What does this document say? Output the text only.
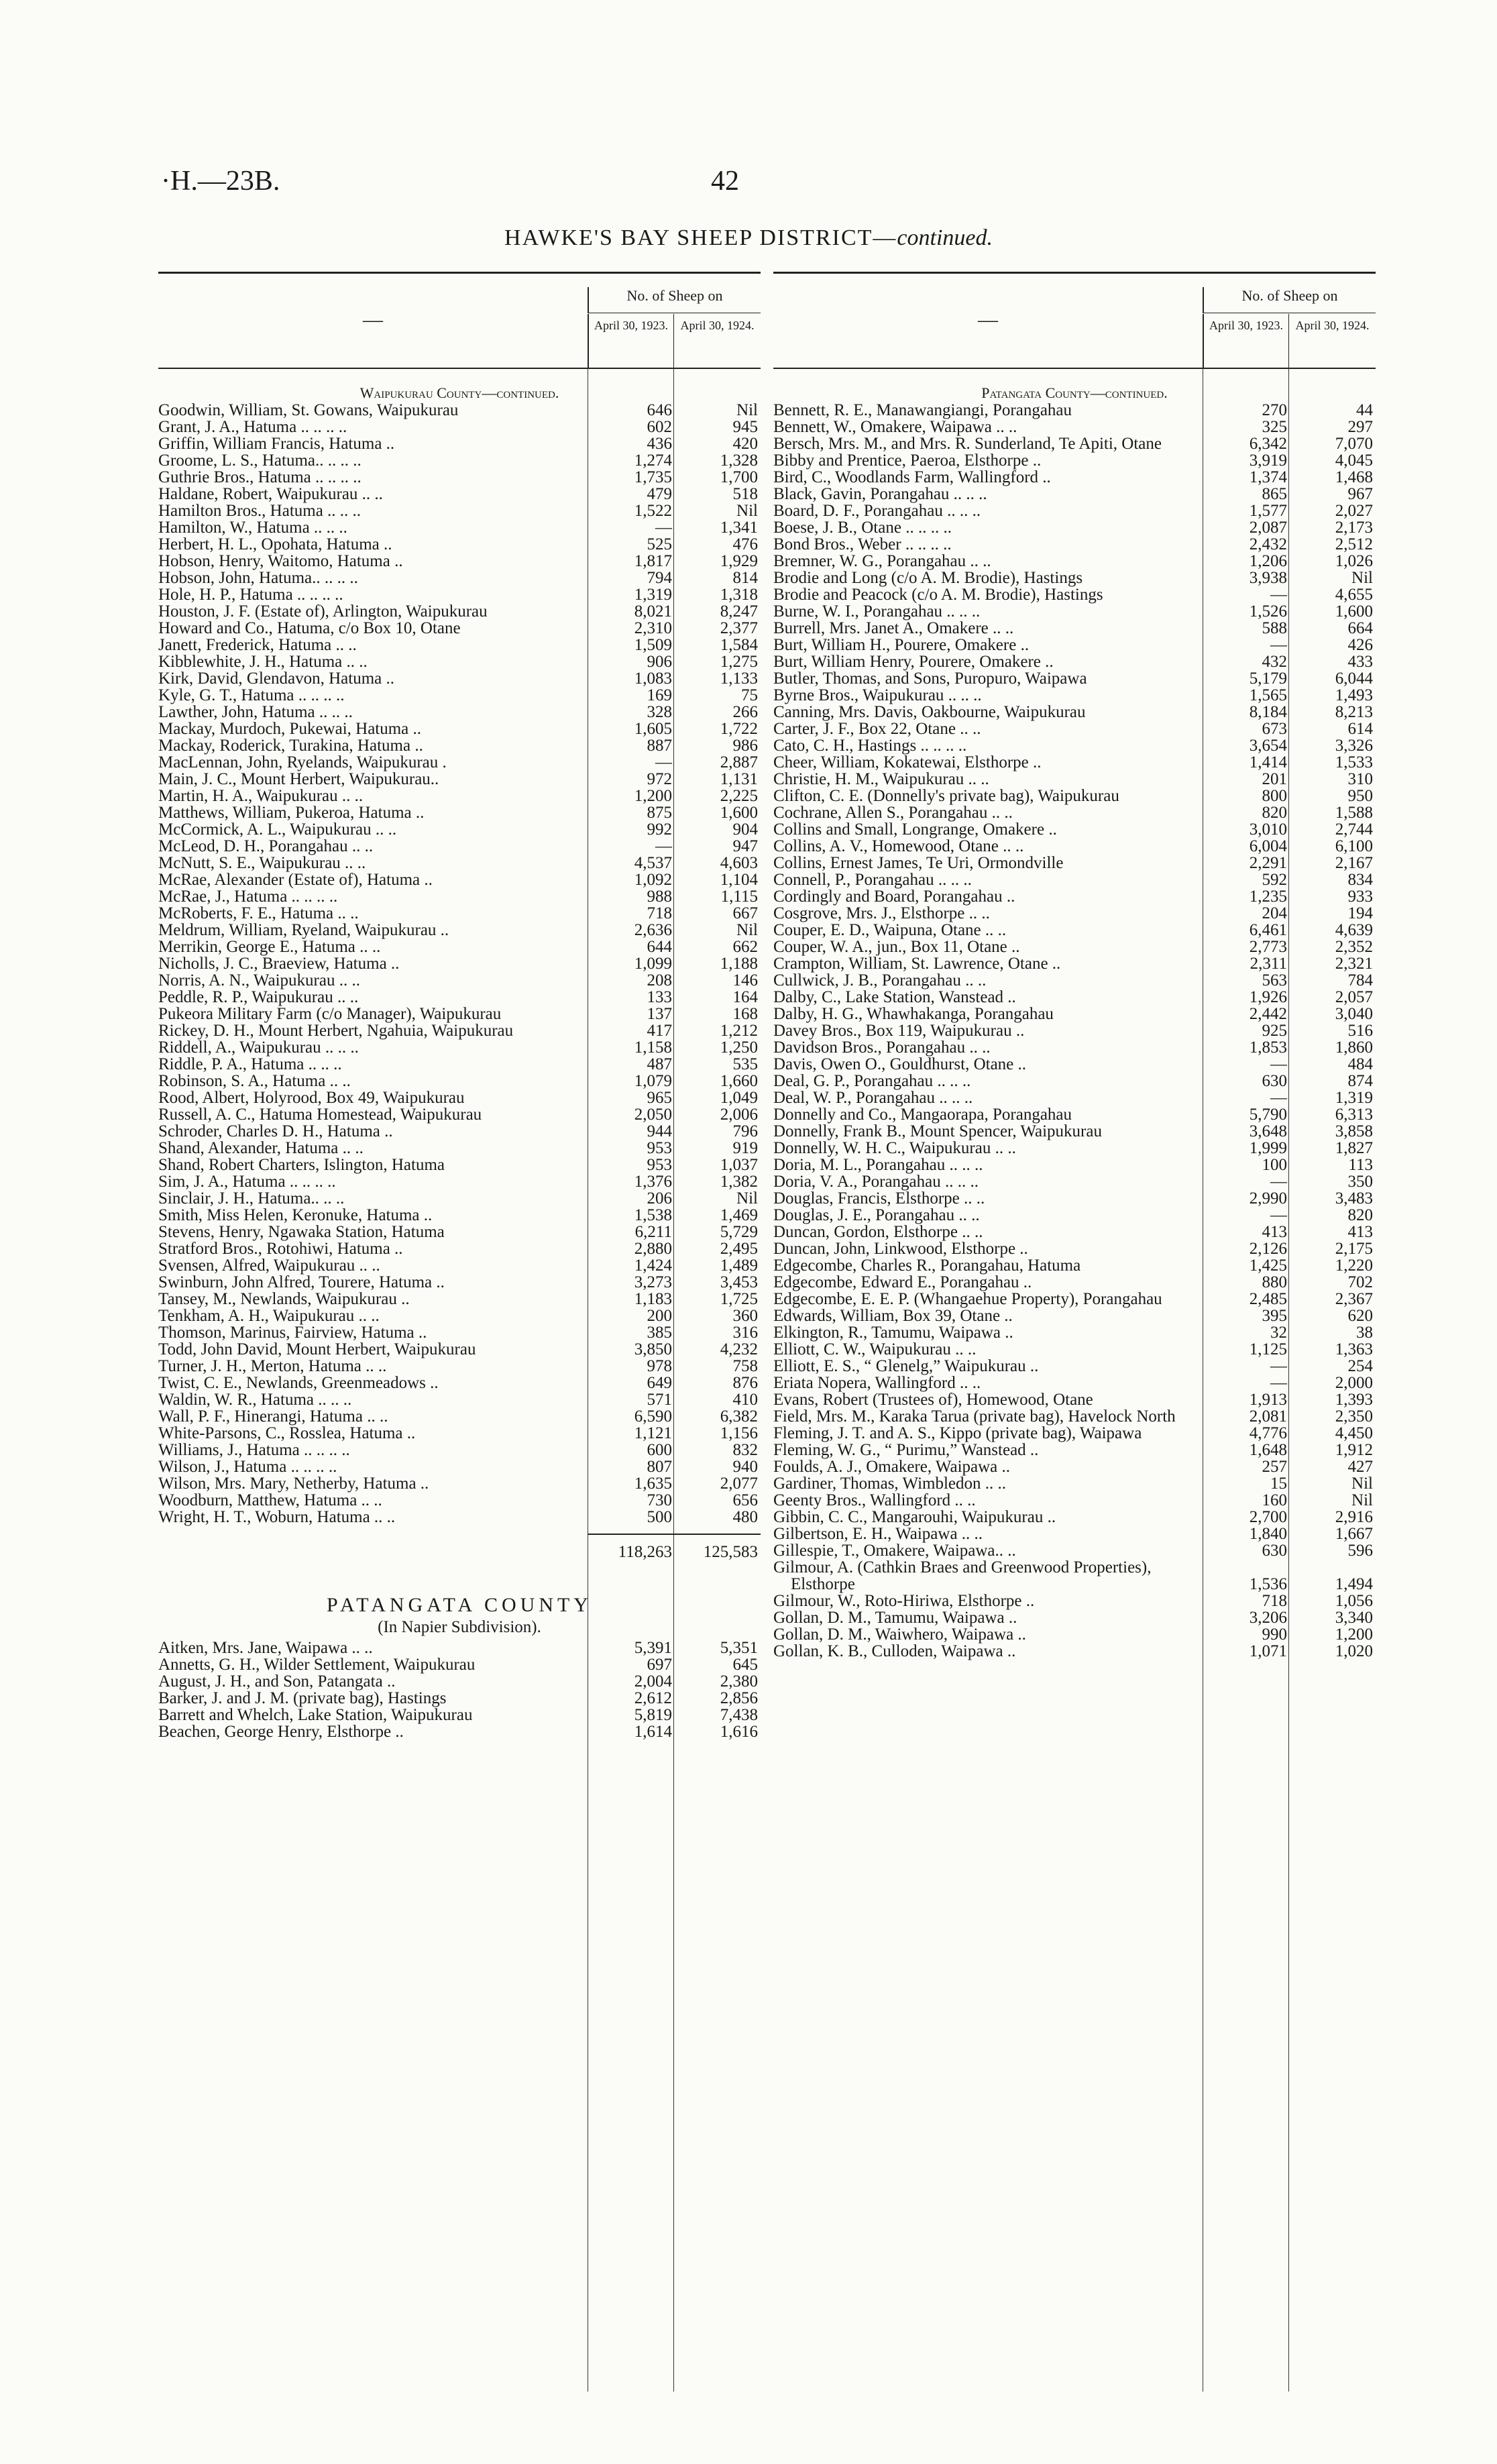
·H.—23B.	42
HAWKE'S BAY SHEEP DISTRICT—continued.
—
No. of Sheep on
April 30, 1923.	April 30, 1924.
Waipukurau County—continued.
Goodwin, William, St. Gowans, Waipukurau	646	Nil
Grant, J. A., Hatuma .. .. .. ..	602	945
Griffin, William Francis, Hatuma ..	436	420
Groome, L. S., Hatuma.. .. .. ..	1,274	1,328
Guthrie Bros., Hatuma .. .. .. ..	1,735	1,700
Haldane, Robert, Waipukurau .. ..	479	518
Hamilton Bros., Hatuma .. .. ..	1,522	Nil
Hamilton, W., Hatuma .. .. ..	—	1,341
Herbert, H. L., Opohata, Hatuma ..	525	476
Hobson, Henry, Waitomo, Hatuma ..	1,817	1,929
Hobson, John, Hatuma.. .. .. ..	794	814
Hole, H. P., Hatuma .. .. .. ..	1,319	1,318
Houston, J. F. (Estate of), Arlington, Waipukurau	8,021	8,247
Howard and Co., Hatuma, c/o Box 10, Otane	2,310	2,377
Janett, Frederick, Hatuma .. ..	1,509	1,584
Kibblewhite, J. H., Hatuma .. ..	906	1,275
Kirk, David, Glendavon, Hatuma ..	1,083	1,133
Kyle, G. T., Hatuma .. .. .. ..	169	75
Lawther, John, Hatuma .. .. ..	328	266
Mackay, Murdoch, Pukewai, Hatuma ..	1,605	1,722
Mackay, Roderick, Turakina, Hatuma ..	887	986
MacLennan, John, Ryelands, Waipukurau .	—	2,887
Main, J. C., Mount Herbert, Waipukurau..	972	1,131
Martin, H. A., Waipukurau .. ..	1,200	2,225
Matthews, William, Pukeroa, Hatuma ..	875	1,600
McCormick, A. L., Waipukurau .. ..	992	904
McLeod, D. H., Porangahau .. ..	—	947
McNutt, S. E., Waipukurau .. ..	4,537	4,603
McRae, Alexander (Estate of), Hatuma ..	1,092	1,104
McRae, J., Hatuma .. .. .. ..	988	1,115
McRoberts, F. E., Hatuma .. ..	718	667
Meldrum, William, Ryeland, Waipukurau ..	2,636	Nil
Merrikin, George E., Hatuma .. ..	644	662
Nicholls, J. C., Braeview, Hatuma ..	1,099	1,188
Norris, A. N., Waipukurau .. ..	208	146
Peddle, R. P., Waipukurau .. ..	133	164
Pukeora Military Farm (c/o Manager), Waipukurau	137	168
Rickey, D. H., Mount Herbert, Ngahuia, Waipukurau	417	1,212
Riddell, A., Waipukurau .. .. ..	1,158	1,250
Riddle, P. A., Hatuma .. .. ..	487	535
Robinson, S. A., Hatuma .. ..	1,079	1,660
Rood, Albert, Holyrood, Box 49, Waipukurau	965	1,049
Russell, A. C., Hatuma Homestead, Waipukurau	2,050	2,006
Schroder, Charles D. H., Hatuma ..	944	796
Shand, Alexander, Hatuma .. ..	953	919
Shand, Robert Charters, Islington, Hatuma	953	1,037
Sim, J. A., Hatuma .. .. .. ..	1,376	1,382
Sinclair, J. H., Hatuma.. .. ..	206	Nil
Smith, Miss Helen, Keronuke, Hatuma ..	1,538	1,469
Stevens, Henry, Ngawaka Station, Hatuma	6,211	5,729
Stratford Bros., Rotohiwi, Hatuma ..	2,880	2,495
Svensen, Alfred, Waipukurau .. ..	1,424	1,489
Swinburn, John Alfred, Tourere, Hatuma ..	3,273	3,453
Tansey, M., Newlands, Waipukurau ..	1,183	1,725
Tenkham, A. H., Waipukurau .. ..	200	360
Thomson, Marinus, Fairview, Hatuma ..	385	316
Todd, John David, Mount Herbert, Waipukurau	3,850	4,232
Turner, J. H., Merton, Hatuma .. ..	978	758
Twist, C. E., Newlands, Greenmeadows ..	649	876
Waldin, W. R., Hatuma .. .. ..	571	410
Wall, P. F., Hinerangi, Hatuma .. ..	6,590	6,382
White-Parsons, C., Rosslea, Hatuma ..	1,121	1,156
Williams, J., Hatuma .. .. .. ..	600	832
Wilson, J., Hatuma .. .. .. ..	807	940
Wilson, Mrs. Mary, Netherby, Hatuma ..	1,635	2,077
Woodburn, Matthew, Hatuma .. ..	730	656
Wright, H. T., Woburn, Hatuma .. ..	500	480
118,263	125,583
PATANGATA COUNTY
(In Napier Subdivision).
Aitken, Mrs. Jane, Waipawa .. ..	5,391	5,351
Annetts, G. H., Wilder Settlement, Waipukurau	697	645
August, J. H., and Son, Patangata ..	2,004	2,380
Barker, J. and J. M. (private bag), Hastings	2,612	2,856
Barrett and Whelch, Lake Station, Waipukurau	5,819	7,438
Beachen, George Henry, Elsthorpe ..	1,614	1,616
—
No. of Sheep on
April 30, 1923.	April 30, 1924.
Patangata County—continued.
Bennett, R. E., Manawangiangi, Porangahau	270	44
Bennett, W., Omakere, Waipawa .. ..	325	297
Bersch, Mrs. M., and Mrs. R. Sunderland, Te Apiti, Otane	6,342	7,070
Bibby and Prentice, Paeroa, Elsthorpe ..	3,919	4,045
Bird, C., Woodlands Farm, Wallingford ..	1,374	1,468
Black, Gavin, Porangahau .. .. ..	865	967
Board, D. F., Porangahau .. .. ..	1,577	2,027
Boese, J. B., Otane .. .. .. ..	2,087	2,173
Bond Bros., Weber .. .. .. ..	2,432	2,512
Bremner, W. G., Porangahau .. ..	1,206	1,026
Brodie and Long (c/o A. M. Brodie), Hastings	3,938	Nil
Brodie and Peacock (c/o A. M. Brodie), Hastings	—	4,655
Burne, W. I., Porangahau .. .. ..	1,526	1,600
Burrell, Mrs. Janet A., Omakere .. ..	588	664
Burt, William H., Pourere, Omakere ..	—	426
Burt, William Henry, Pourere, Omakere ..	432	433
Butler, Thomas, and Sons, Puropuro, Waipawa	5,179	6,044
Byrne Bros., Waipukurau .. .. ..	1,565	1,493
Canning, Mrs. Davis, Oakbourne, Waipukurau	8,184	8,213
Carter, J. F., Box 22, Otane .. ..	673	614
Cato, C. H., Hastings .. .. .. ..	3,654	3,326
Cheer, William, Kokatewai, Elsthorpe ..	1,414	1,533
Christie, H. M., Waipukurau .. ..	201	310
Clifton, C. E. (Donnelly's private bag), Waipukurau	800	950
Cochrane, Allen S., Porangahau .. ..	820	1,588
Collins and Small, Longrange, Omakere ..	3,010	2,744
Collins, A. V., Homewood, Otane .. ..	6,004	6,100
Collins, Ernest James, Te Uri, Ormondville	2,291	2,167
Connell, P., Porangahau .. .. ..	592	834
Cordingly and Board, Porangahau ..	1,235	933
Cosgrove, Mrs. J., Elsthorpe .. ..	204	194
Couper, E. D., Waipuna, Otane .. ..	6,461	4,639
Couper, W. A., jun., Box 11, Otane ..	2,773	2,352
Crampton, William, St. Lawrence, Otane ..	2,311	2,321
Cullwick, J. B., Porangahau .. ..	563	784
Dalby, C., Lake Station, Wanstead ..	1,926	2,057
Dalby, H. G., Whawhakanga, Porangahau	2,442	3,040
Davey Bros., Box 119, Waipukurau ..	925	516
Davidson Bros., Porangahau .. ..	1,853	1,860
Davis, Owen O., Gouldhurst, Otane ..	—	484
Deal, G. P., Porangahau .. .. ..	630	874
Deal, W. P., Porangahau .. .. ..	—	1,319
Donnelly and Co., Mangaorapa, Porangahau	5,790	6,313
Donnelly, Frank B., Mount Spencer, Waipukurau	3,648	3,858
Donnelly, W. H. C., Waipukurau .. ..	1,999	1,827
Doria, M. L., Porangahau .. .. ..	100	113
Doria, V. A., Porangahau .. .. ..	—	350
Douglas, Francis, Elsthorpe .. ..	2,990	3,483
Douglas, J. E., Porangahau .. ..	—	820
Duncan, Gordon, Elsthorpe .. ..	413	413
Duncan, John, Linkwood, Elsthorpe ..	2,126	2,175
Edgecombe, Charles R., Porangahau, Hatuma	1,425	1,220
Edgecombe, Edward E., Porangahau ..	880	702
Edgecombe, E. E. P. (Whangaehue Property), Porangahau	2,485	2,367
Edwards, William, Box 39, Otane ..	395	620
Elkington, R., Tamumu, Waipawa ..	32	38
Elliott, C. W., Waipukurau .. ..	1,125	1,363
Elliott, E. S., “ Glenelg,” Waipukurau ..	—	254
Eriata Nopera, Wallingford .. ..	—	2,000
Evans, Robert (Trustees of), Homewood, Otane	1,913	1,393
Field, Mrs. M., Karaka Tarua (private bag), Havelock North	2,081	2,350
Fleming, J. T. and A. S., Kippo (private bag), Waipawa	4,776	4,450
Fleming, W. G., “ Purimu,” Wanstead ..	1,648	1,912
Foulds, A. J., Omakere, Waipawa ..	257	427
Gardiner, Thomas, Wimbledon .. ..	15	Nil
Geenty Bros., Wallingford .. ..	160	Nil
Gibbin, C. C., Mangarouhi, Waipukurau ..	2,700	2,916
Gilbertson, E. H., Waipawa .. ..	1,840	1,667
Gillespie, T., Omakere, Waipawa.. ..	630	596
Gilmour, A. (Cathkin Braes and Greenwood Properties), Elsthorpe	1,536	1,494
Gilmour, W., Roto-Hiriwa, Elsthorpe ..	718	1,056
Gollan, D. M., Tamumu, Waipawa ..	3,206	3,340
Gollan, D. M., Waiwhero, Waipawa ..	990	1,200
Gollan, K. B., Culloden, Waipawa ..	1,071	1,020
